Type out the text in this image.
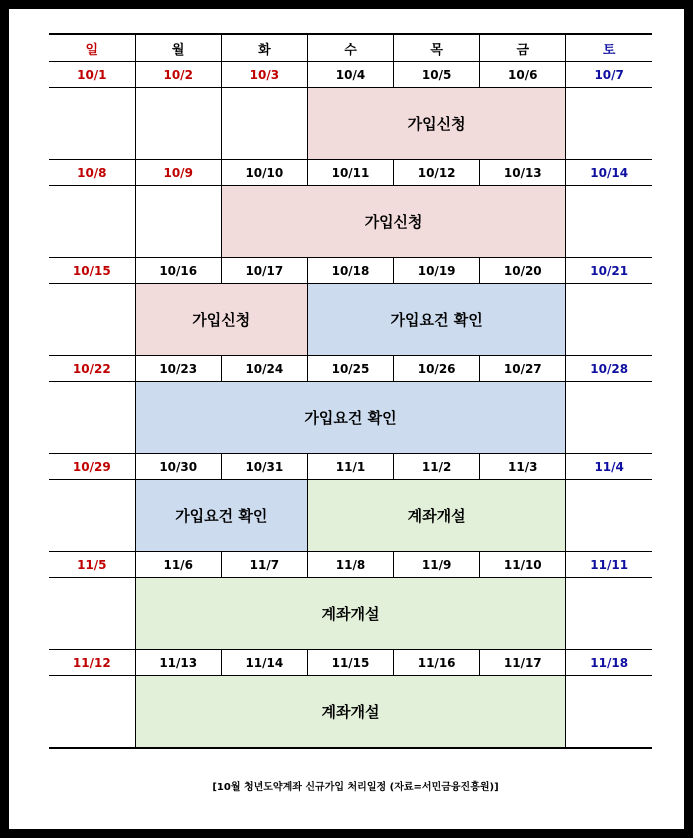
일	월	화	수	목	금	토
10/1	10/2	10/3	10/4	10/5	10/6	10/7
			가입신청			
10/8	10/9	10/10	10/11	10/12	10/13	10/14
		가입신청				
10/15	10/16	10/17	10/18	10/19	10/20	10/21
	가입신청		가입요건 확인			
10/22	10/23	10/24	10/25	10/26	10/27	10/28
	가입요건 확인					
10/29	10/30	10/31	11/1	11/2	11/3	11/4
	가입요건 확인		계좌개설			
11/5	11/6	11/7	11/8	11/9	11/10	11/11
	계좌개설					
11/12	11/13	11/14	11/15	11/16	11/17	11/18
	계좌개설					
[10월 청년도약계좌 신규가입 처리일정 (자료=서민금융진흥원)]
